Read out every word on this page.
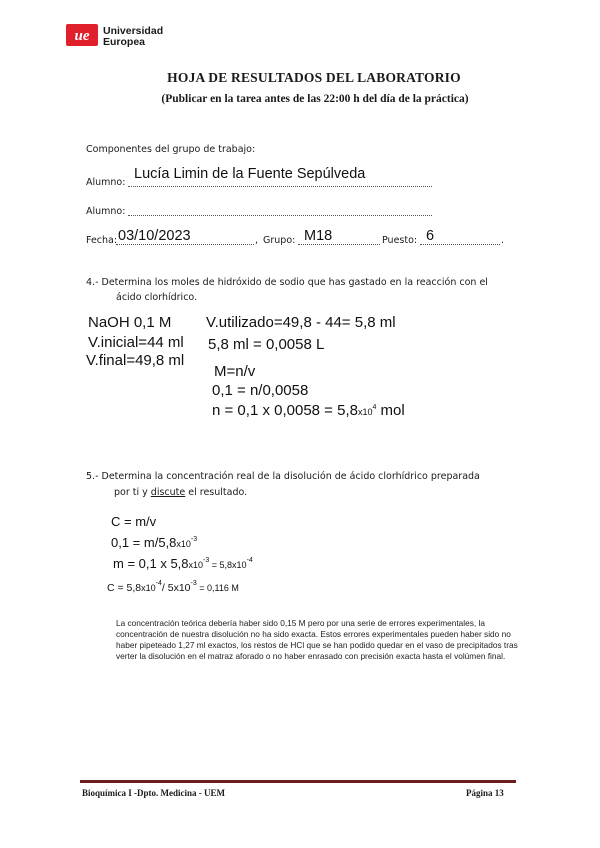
ue Universidad
Europea
HOJA DE RESULTADOS DEL LABORATORIO
(Publicar en la tarea antes de las 22:00 h del día de la práctica)
Componentes del grupo de trabajo:
Alumno:
Lucía Limin de la Fuente Sepúlveda
Alumno:
Fecha: 03/10/2023	, Grupo: M18	Puesto: 6	.
4.- Determina los moles de hidróxido de sodio que has gastado en la reacción con el
ácido clorhídrico.
NaOH 0,1 M V.utilizado=49,8 - 44= 5,8 ml
V.inicial=44 ml 5,8 ml = 0,0058 L
V.final=49,8 ml
M=n/v
0,1 = n/0,0058
n = 0,1 x $0,0058 = 5,8x10^4$ mol
5.- Determina la concentración real de la disolución de ácido clorhídrico preparada
por ti y discute el resultado.
C = m/v
$0,1 = m/5,8x10^{-3}$
m = 0,1 x $5,8x10^{-3} = 5,8x10^{-4}$
$C = 5,8x10^{-4}/$ $5x10^{-3} = 0,116$ M
La concentración teórica debería haber sido 0,15 M pero por una serie de errores experimentales, la concentración de nuestra disolución no ha sido exacta. Estos errores experimentales pueden haber sido no haber pipeteado 1,27 ml exactos, los restos de HCl que se han podido quedar en el vaso de precipitados tras verter la disolución en el matraz aforado o no haber enrasado con precisión exacta hasta el volúmen final.
Bioquímica I -Dpto. Medicina - UEM	Página 13
